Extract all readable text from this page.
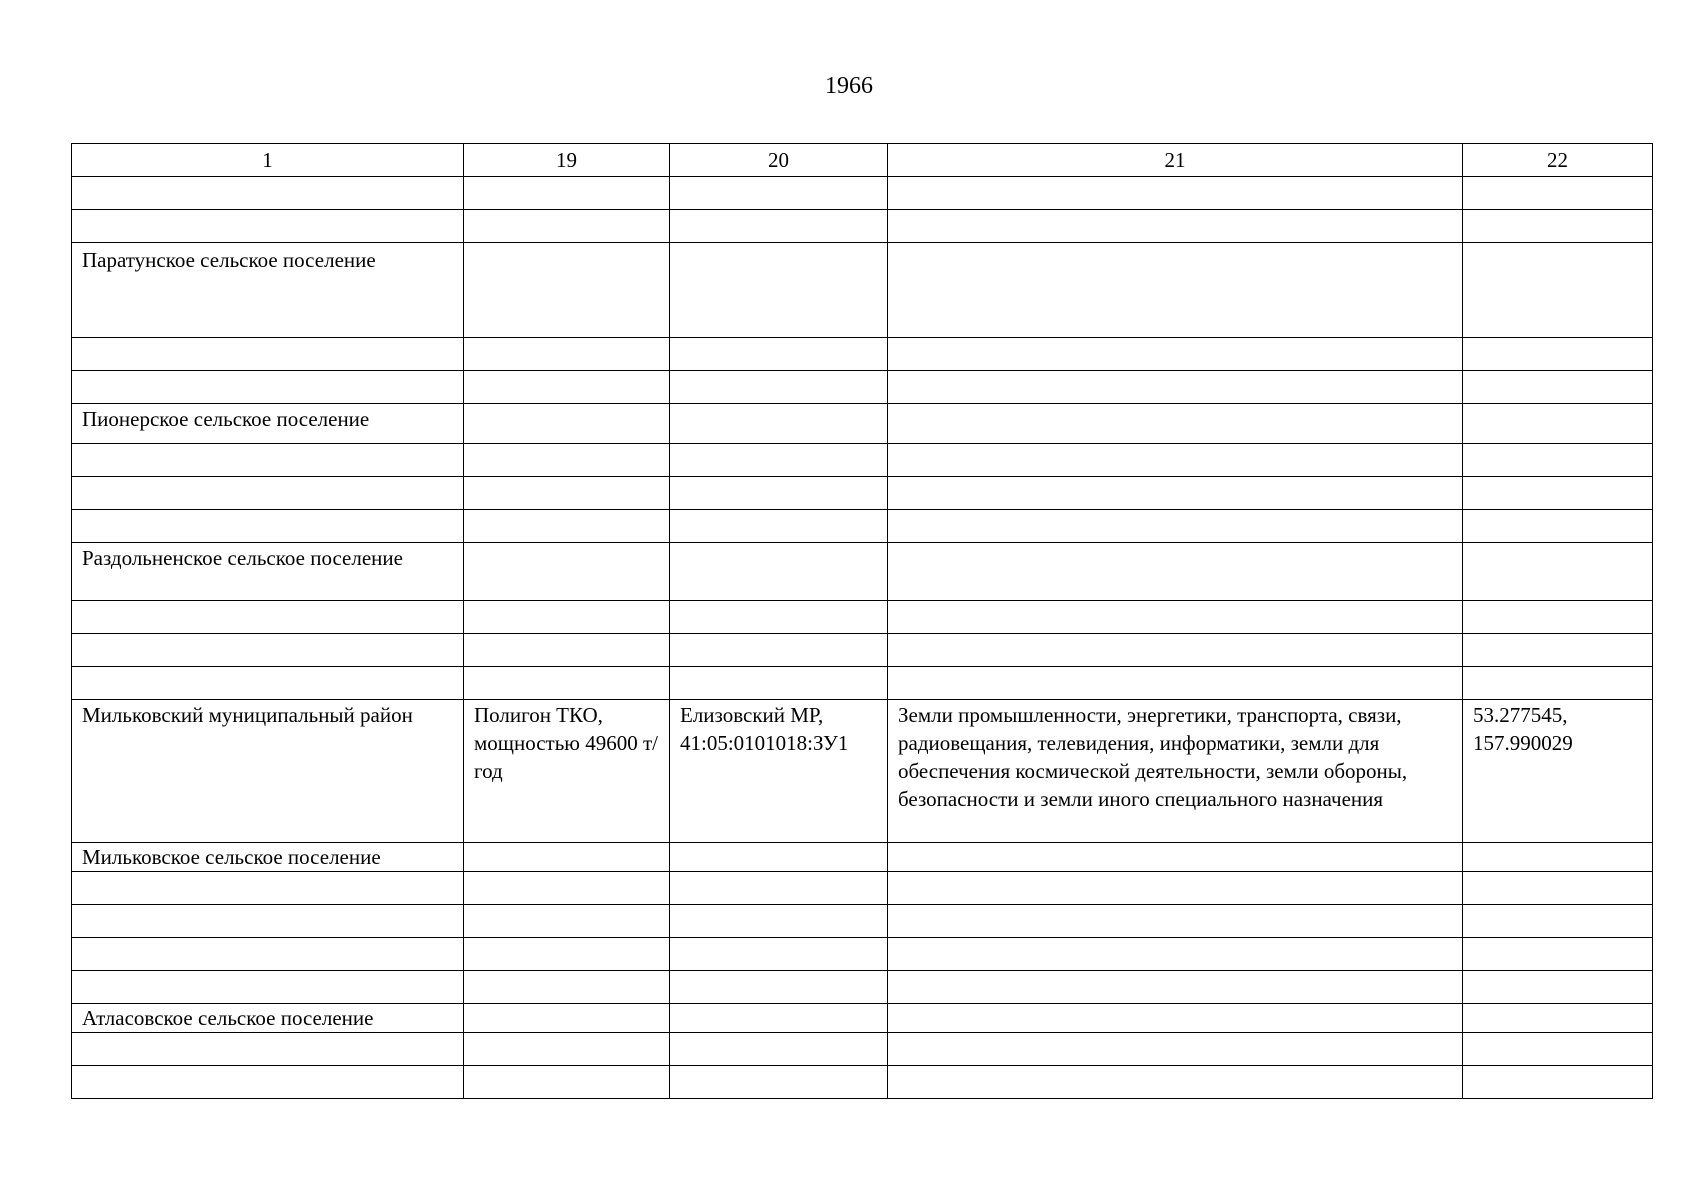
1966
1	19	20	21	22

Паратунское сельское поселение				

Пионерское сельское поселение				

Раздольненское сельское поселение				

Мильковский муниципальный район	Полигон ТКО, мощностью 49600 т/год	Елизовский МР, 41:05:0101018:ЗУ1	Земли промышленности, энергетики, транспорта, связи, радиовещания, телевидения, информатики, земли для обеспечения космической деятельности, земли обороны, безопасности и земли иного специального назначения	53.277545, 157.990029
Мильковское сельское поселение				

Атласовское сельское поселение				
